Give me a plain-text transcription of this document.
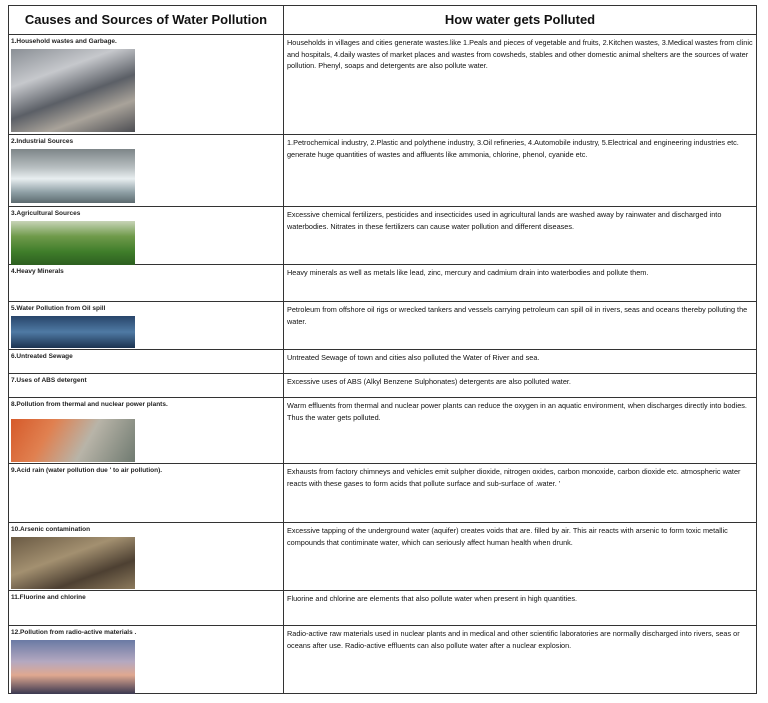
Causes and Sources of Water Pollution	How water gets Polluted
1.Household wastes and Garbage.	Households in villages and cities generate wastes.like 1.Peals and pieces of vegetable and fruits, 2.Kitchen wastes, 3.Medical wastes from clinic and hospitals, 4.daily wastes of market places and wastes from cowsheds, stables and other domestic animal shelters are the sources of water pollution. Phenyl, soaps and detergents are also pollute water.
2.Industrial Sources	1.Petrochemical industry, 2.Plastic and polythene industry, 3.Oil refineries, 4.Automobile industry, 5.Electrical and engineering industries etc. generate huge quantities of wastes and affluents like ammonia, chlorine, phenol, cyanide etc.
3.Agricultural Sources	Excessive chemical fertilizers, pesticides and insecticides used in agricultural lands are washed away by rainwater and discharged into waterbodies. Nitrates in these fertilizers can cause water pollution and different diseases.
4.Heavy Minerals	Heavy minerals as well as metals like lead, zinc, mercury and cadmium drain into waterbodies and pollute them.
5.Water Pollution from Oil spill	Petroleum from offshore oil rigs or wrecked tankers and vessels carrying petroleum can spill oil in rivers, seas and oceans thereby polluting the water.
6.Untreated Sewage	Untreated Sewage of town and cities also polluted the Water of River and sea.
7.Uses of ABS detergent	Excessive uses of ABS (Alkyl Benzene Sulphonates) detergents are also polluted water.
8.Pollution from thermal and nuclear power plants.	Warm effluents from thermal and nuclear power plants can reduce the oxygen in an aquatic environment, when discharges directly into bodies. Thus the water gets polluted.
9.Acid rain (water pollution due ' to air pollution).	Exhausts from factory chimneys and vehicles emit sulpher dioxide, nitrogen oxides, carbon monoxide, carbon dioxide etc. atmospheric water reacts with these gases to form acids that pollute surface and sub-surface of .water. '
10.Arsenic contamination	Excessive tapping of the underground water (aquifer) creates voids that are. filled by air. This air reacts with arsenic to form toxic metallic compounds that contiminate water, which can seriously affect human health when drunk.
11.Fluorine and chlorine	Fluorine and chlorine are elements that also pollute water when present in high quantities.
12.Pollution from radio-active materials .	Radio-active raw materials used in nuclear plants and in medical and other scientific laboratories are normally discharged into rivers, seas or oceans after use. Radio-active effluents can also pollute water after a nuclear explosion.
